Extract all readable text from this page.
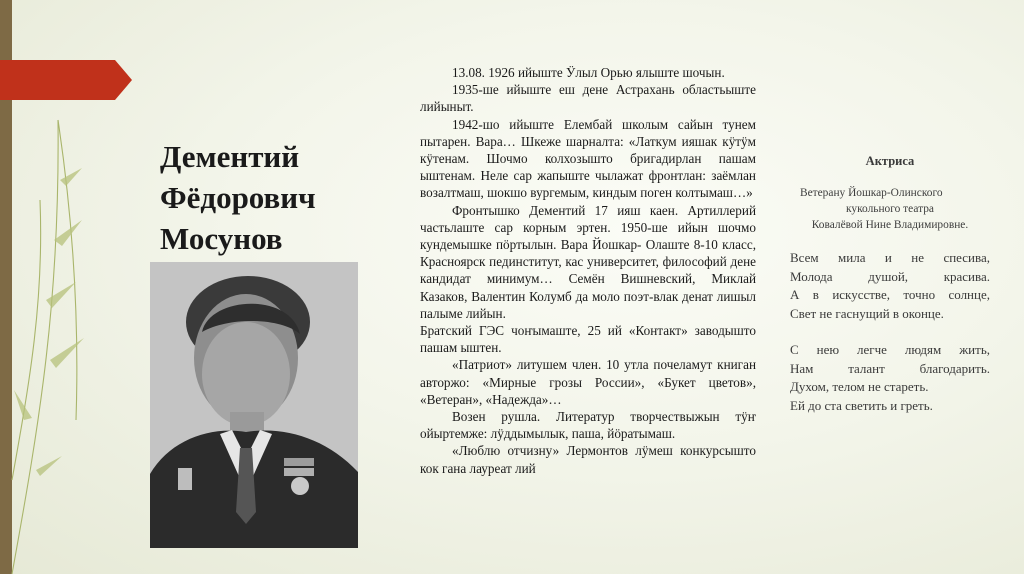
Дементий
Фёдорович
Мосунов

13.08. 1926 ийыште Ӱлыл Орью ялыште шочын.

1935-ше ийыште еш дене Астрахань областьыште лийыныт.

1942-шо ийыште Елембай школым сайын тунем пытарен. Вара… Шкеже шарналта: «Латкум ияшак кӱтӱм кӱтенам. Шочмо колхозышто бригадирлан пашам ыштенам. Неле сар жапыште чылажат фронтлан: заёмлан возалтмаш, шокшо вургемым, киндым поген колтымаш…»

Фронтышко Дементий 17 ияш каен. Артиллерий частьлаште сар корным эртен. 1950-ше ийын шочмо кундемышке пӧртылын. Вара Йошкар- Олаште 8-10 класс, Красноярск пединститут, кас университет, философий дене кандидат минимум… Семён Вишневский, Миклай Казаков, Валентин Колумб да моло поэт-влак денат лишыл палыме лийын.

Братский ГЭС чоҥымаште, 25 ий «Контакт» заводышто пашам ыштен.

«Патриот» литушем член. 10 утла почеламут книган авторжо: «Мирные грозы России», «Букет цветов», «Ветеран», «Надежда»…

Возен рушла. Литератур творчествыжын тӱҥ ойыртемже: лӱддымылык, паша, йӧратымаш.

«Люблю отчизну» Лермонтов лӱмеш конкурсышто кок гана лауреат лий

Актриса
Ветерану Йошкар-Олинского
кукольного театра
Ковалёвой Нине Владимировне.
Всем мила и не спесива,
Молода душой, красива.
А в искусстве, точно солнце,
Свет не гаснущий в оконце.
С нею легче людям жить,
Нам талант благодарить.
Духом, телом не стареть.
Ей до ста светить и греть.
